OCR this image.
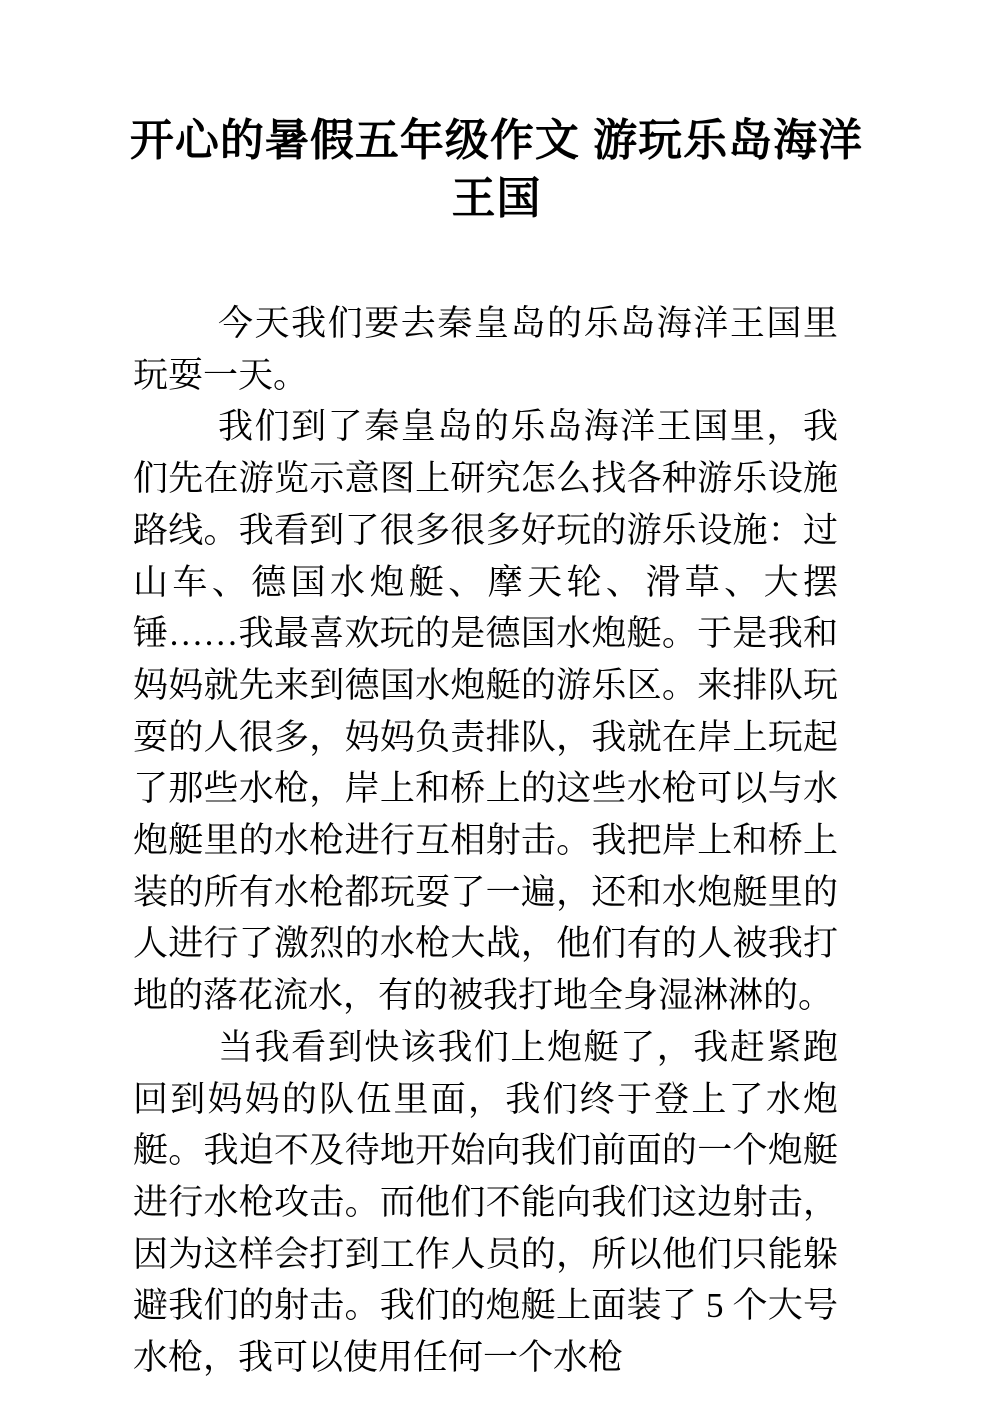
开心的暑假五年级作文 游玩乐岛海洋王国

今天我们要去秦皇岛的乐岛海洋王国里玩耍一天。

我们到了秦皇岛的乐岛海洋王国里，我们先在游览示意图上研究怎么找各种游乐设施路线。我看到了很多很多好玩的游乐设施：过山车、德国水炮艇、摩天轮、滑草、大摆锤……我最喜欢玩的是德国水炮艇。于是我和妈妈就先来到德国水炮艇的游乐区。来排队玩耍的人很多，妈妈负责排队，我就在岸上玩起了那些水枪，岸上和桥上的这些水枪可以与水炮艇里的水枪进行互相射击。我把岸上和桥上装的所有水枪都玩耍了一遍，还和水炮艇里的人进行了激烈的水枪大战，他们有的人被我打地的落花流水，有的被我打地全身湿淋淋的。

当我看到快该我们上炮艇了，我赶紧跑回到妈妈的队伍里面，我们终于登上了水炮艇。我迫不及待地开始向我们前面的一个炮艇进行水枪攻击。而他们不能向我们这边射击，因为这样会打到工作人员的，所以他们只能躲避我们的射击。我们的炮艇上面装了 5 个大号水枪，我可以使用任何一个水枪
